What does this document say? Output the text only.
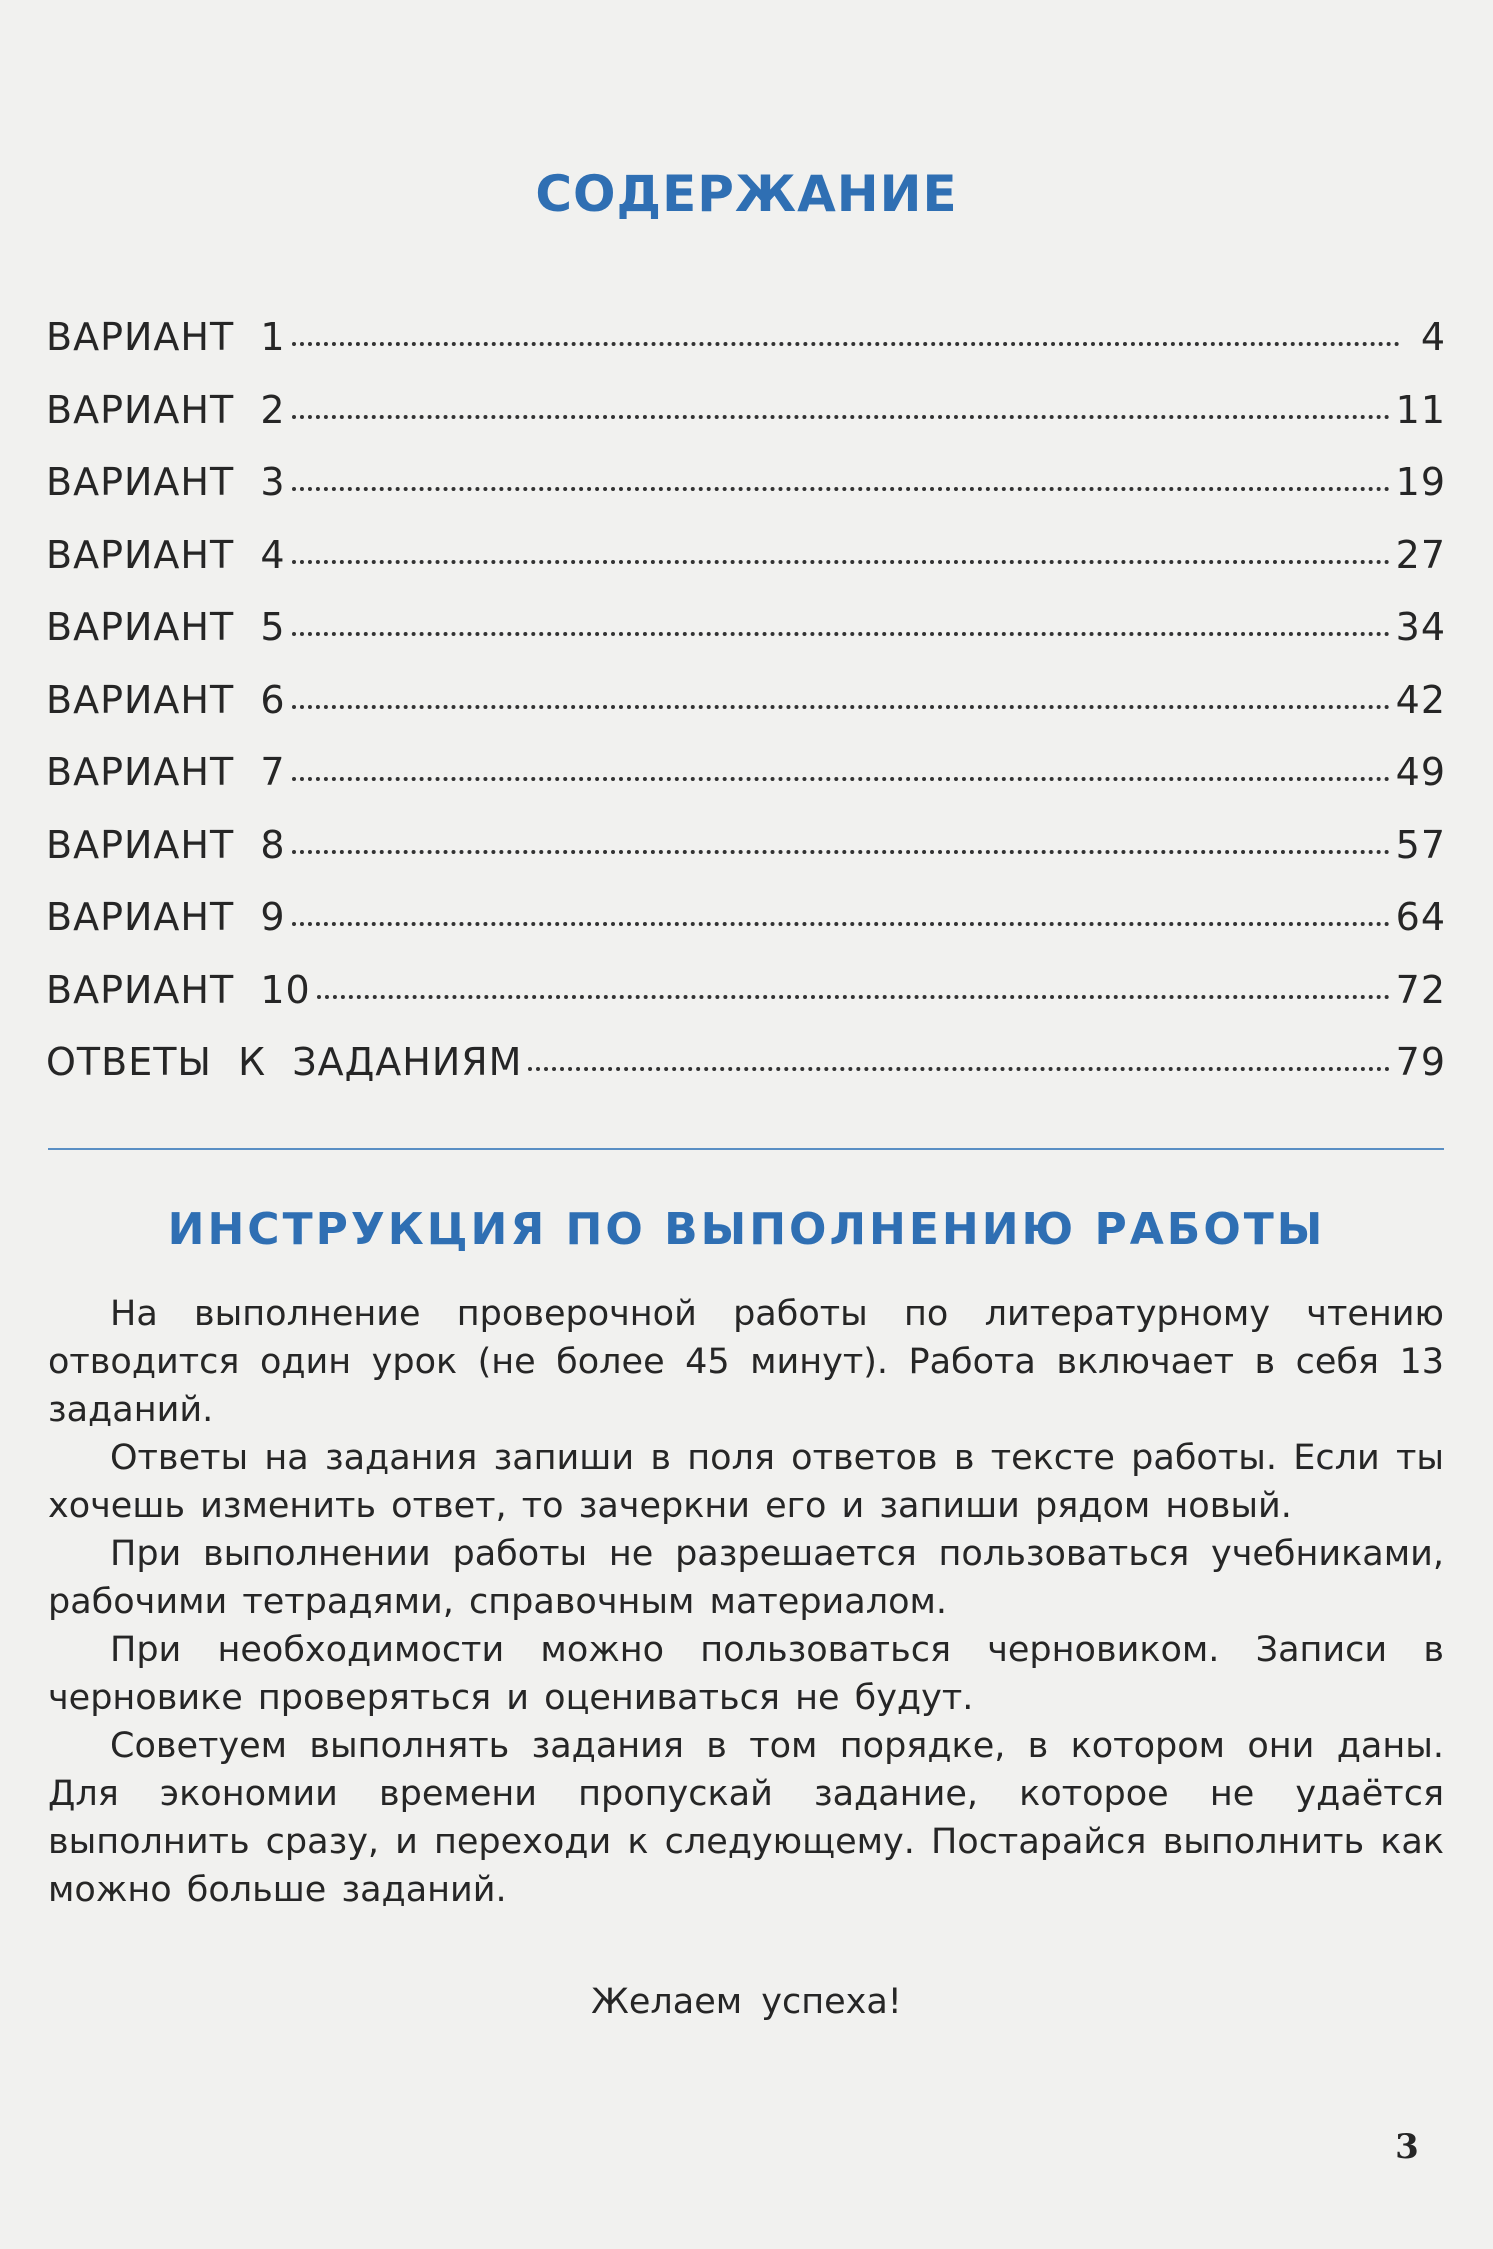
СОДЕРЖАНИЕ
ВАРИАНТ  1	4
ВАРИАНТ  2	11
ВАРИАНТ  3	19
ВАРИАНТ  4	27
ВАРИАНТ  5	34
ВАРИАНТ  6	42
ВАРИАНТ  7	49
ВАРИАНТ  8	57
ВАРИАНТ  9	64
ВАРИАНТ  10	72
ОТВЕТЫ  К  ЗАДАНИЯМ	79
ИНСТРУКЦИЯ ПО ВЫПОЛНЕНИЮ РАБОТЫ

На выполнение проверочной работы по литературному чтению отводится один урок (не более 45 минут). Работа включает в себя 13 заданий.

Ответы на задания запиши в поля ответов в тексте работы. Если ты хочешь изменить ответ, то зачеркни его и запиши рядом новый.

При выполнении работы не разрешается пользоваться учебниками, рабочими тетрадями, справочным материалом.

При необходимости можно пользоваться черновиком. Записи в черновике проверяться и оцениваться не будут.

Советуем выполнять задания в том порядке, в котором они даны. Для экономии времени пропускай задание, которое не удаётся выполнить сразу, и переходи к следующему. Постарайся выполнить как можно больше заданий.

Желаем успеха!
3
